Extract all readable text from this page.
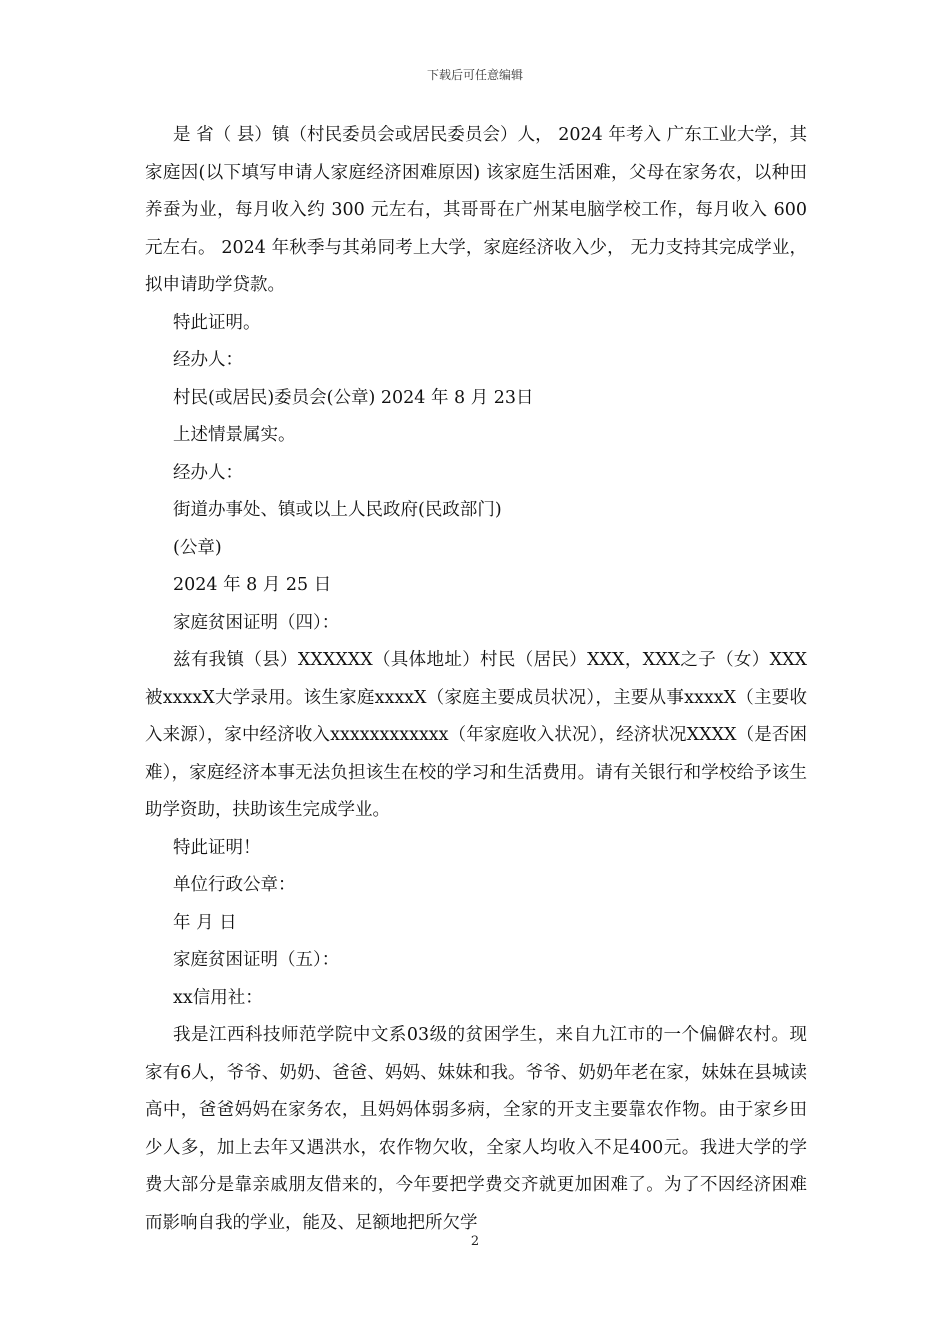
下载后可任意编辑

是 省（ 县）镇（村民委员会或居民委员会）人， 2024 年考入 广东工业大学，其家庭因(以下填写申请人家庭经济困难原因) 该家庭生活困难，父母在家务农，以种田养蚕为业，每月收入约 300 元左右，其哥哥在广州某电脑学校工作，每月收入 600 元左右。 2024 年秋季与其弟同考上大学，家庭经济收入少， 无力支持其完成学业，拟申请助学贷款。

特此证明。

经办人：

村民(或居民)委员会(公章) 2024 年 8 月 23日

上述情景属实。

经办人：

街道办事处、镇或以上人民政府(民政部门)

(公章)

2024 年 8 月 25 日

家庭贫困证明（四）：

兹有我镇（县）XXXXXX（具体地址）村民（居民）XXX，XXX之子（女）XXX被xxxxX大学录用。该生家庭xxxxX（家庭主要成员状况），主要从事xxxxX（主要收入来源），家中经济收入xxxxxxxxxxxx（年家庭收入状况），经济状况XXXX（是否困难），家庭经济本事无法负担该生在校的学习和生活费用。请有关银行和学校给予该生助学资助，扶助该生完成学业。

特此证明！

单位行政公章：

年 月 日

家庭贫困证明（五）：

xx信用社：

我是江西科技师范学院中文系03级的贫困学生，来自九江市的一个偏僻农村。现家有6人，爷爷、奶奶、爸爸、妈妈、妹妹和我。爷爷、奶奶年老在家，妹妹在县城读高中，爸爸妈妈在家务农，且妈妈体弱多病，全家的开支主要靠农作物。由于家乡田少人多，加上去年又遇洪水，农作物欠收，全家人均收入不足400元。我进大学的学费大部分是靠亲戚朋友借来的，今年要把学费交齐就更加困难了。为了不因经济困难而影响自我的学业，能及、足额地把所欠学

2
